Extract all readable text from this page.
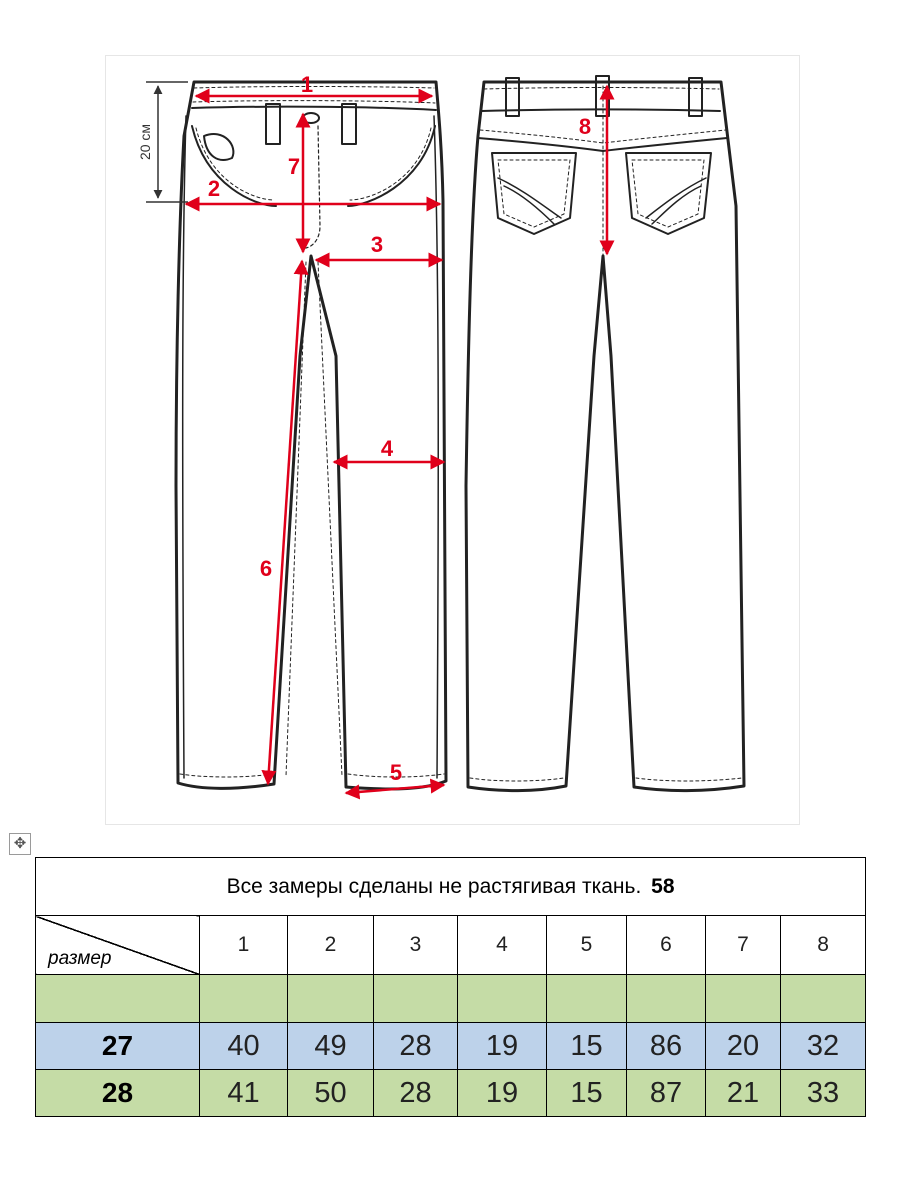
20 см
1
2
3
4
5
6
7
8
✥
Все замеры сделаны не растягивая ткань. 58								

размер	1	2	3	4	5	6	7	8

27	40	49	28	19	15	86	20	32
28	41	50	28	19	15	87	21	33
